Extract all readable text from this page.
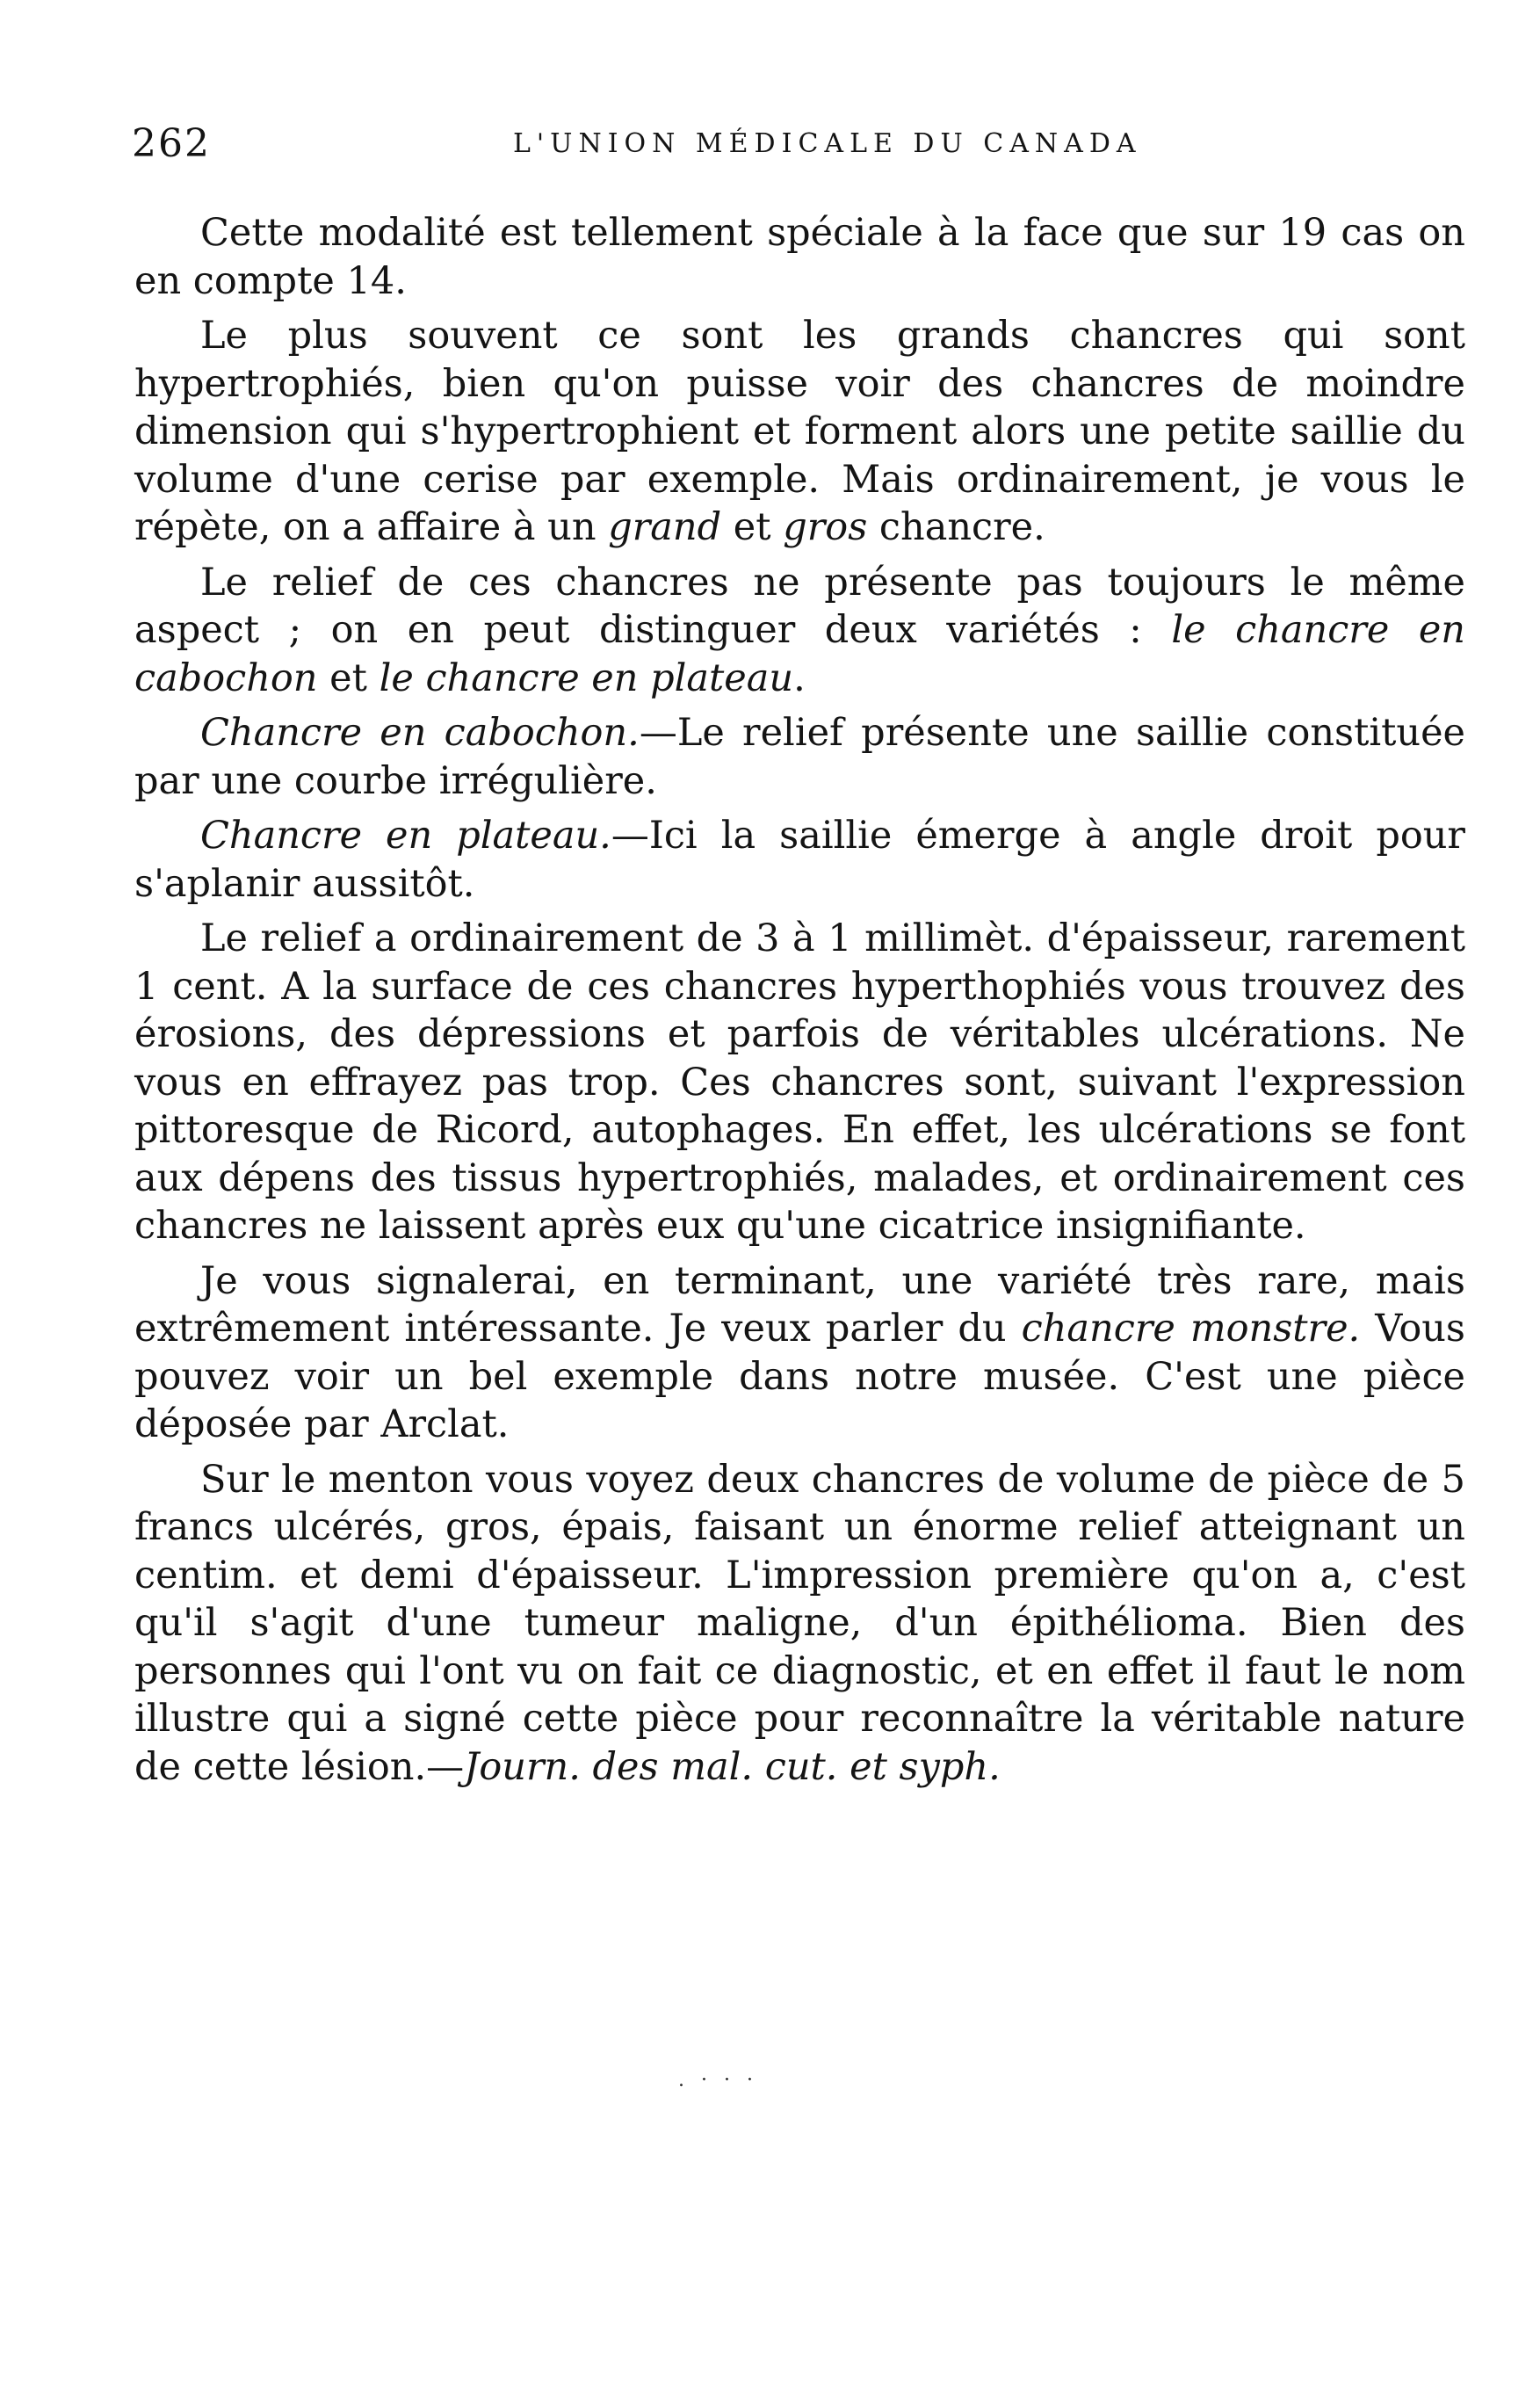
262	L'UNION MÉDICALE DU CANADA

Cette modalité est tellement spéciale à la face que sur 19 cas on en compte 14.

Le plus souvent ce sont les grands chancres qui sont hypertrophiés, bien qu'on puisse voir des chancres de moindre dimension qui s'hypertrophient et forment alors une petite saillie du volume d'une cerise par exemple. Mais ordinairement, je vous le répète, on a affaire à un grand et gros chancre.

Le relief de ces chancres ne présente pas toujours le même aspect ; on en peut distinguer deux variétés : le chancre en cabochon et le chancre en plateau.

Chancre en cabochon.—Le relief présente une saillie constituée par une courbe irrégulière.

Chancre en plateau.—Ici la saillie émerge à angle droit pour s'aplanir aussitôt.

Le relief a ordinairement de 3 à 1 millimèt. d'épaisseur, rarement 1 cent. A la surface de ces chancres hyperthophiés vous trouvez des érosions, des dépressions et parfois de véritables ulcérations. Ne vous en effrayez pas trop. Ces chancres sont, suivant l'expression pittoresque de Ricord, autophages. En effet, les ulcérations se font aux dépens des tissus hypertrophiés, malades, et ordinairement ces chancres ne laissent après eux qu'une cicatrice insignifiante.

Je vous signalerai, en terminant, une variété très rare, mais extrêmement intéressante. Je veux parler du chancre monstre. Vous pouvez voir un bel exemple dans notre musée. C'est une pièce déposée par Arclat.

Sur le menton vous voyez deux chancres de volume de pièce de 5 francs ulcérés, gros, épais, faisant un énorme relief atteignant un centim. et demi d'épaisseur. L'impression première qu'on a, c'est qu'il s'agit d'une tumeur maligne, d'un épithélioma. Bien des personnes qui l'ont vu on fait ce diagnostic, et en effet il faut le nom illustre qui a signé cette pièce pour reconnaître la véritable nature de cette lésion.—Journ. des mal. cut. et syph.

. · · ·
